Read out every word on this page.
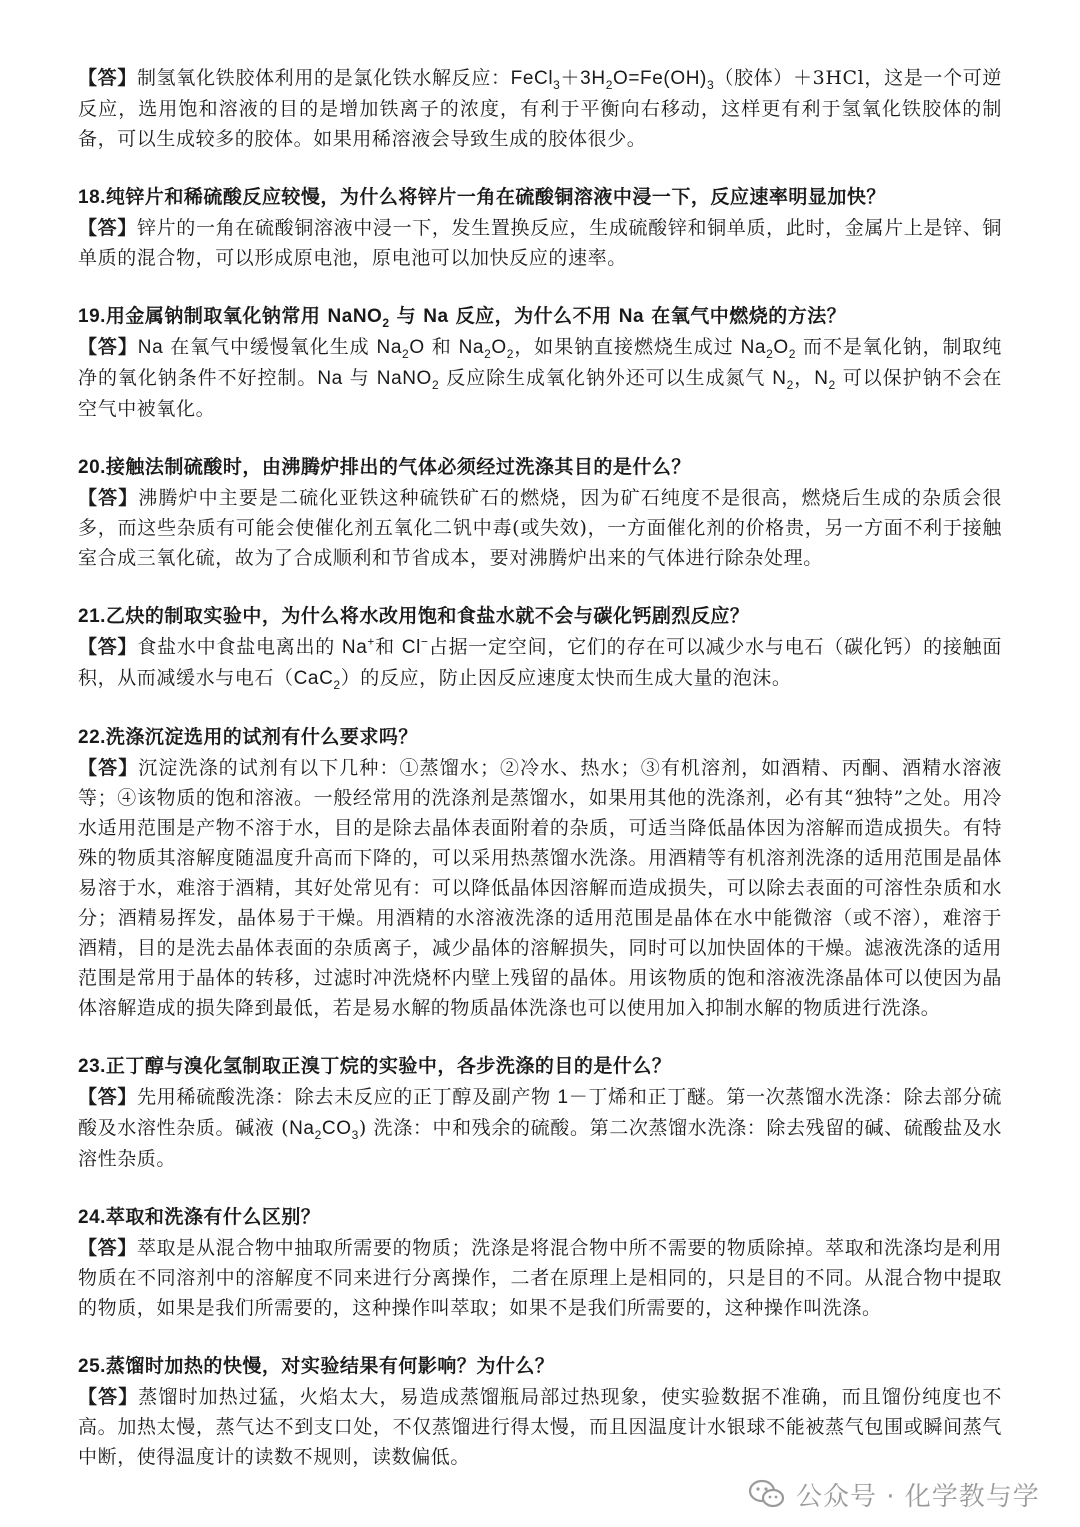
【答】制氢氧化铁胶体利用的是氯化铁水解反应：$FeCl_3+3H_2O=Fe(OH)_3$（胶体）＋3HCl，这是一个可逆反应，选用饱和溶液的目的是增加铁离子的浓度，有利于平衡向右移动，这样更有利于氢氧化铁胶体的制备，可以生成较多的胶体。如果用稀溶液会导致生成的胶体很少。

18.纯锌片和稀硫酸反应较慢，为什么将锌片一角在硫酸铜溶液中浸一下，反应速率明显加快？

【答】锌片的一角在硫酸铜溶液中浸一下，发生置换反应，生成硫酸锌和铜单质，此时，金属片上是锌、铜单质的混合物，可以形成原电池，原电池可以加快反应的速率。

19.用金属钠制取氧化钠常用 NaNO$_2$ 与 Na 反应，为什么不用 Na 在氧气中燃烧的方法？

【答】Na 在氧气中缓慢氧化生成 $Na_2O$ 和 $Na_2O_2$，如果钠直接燃烧生成过 $Na_2O_2$ 而不是氧化钠，制取纯净的氧化钠条件不好控制。Na 与 NaNO$_2$ 反应除生成氧化钠外还可以生成氮气 $N_2$，$N_2$ 可以保护钠不会在空气中被氧化。

20.接触法制硫酸时，由沸腾炉排出的气体必须经过洗涤其目的是什么？

【答】沸腾炉中主要是二硫化亚铁这种硫铁矿石的燃烧，因为矿石纯度不是很高，燃烧后生成的杂质会很多，而这些杂质有可能会使催化剂五氧化二钒中毒(或失效)，一方面催化剂的价格贵，另一方面不利于接触室合成三氧化硫，故为了合成顺利和节省成本，要对沸腾炉出来的气体进行除杂处理。

21.乙炔的制取实验中，为什么将水改用饱和食盐水就不会与碳化钙剧烈反应？

【答】食盐水中食盐电离出的 Na+和 Cl−占据一定空间，它们的存在可以减少水与电石（碳化钙）的接触面积，从而减缓水与电石（CaC$_2$）的反应，防止因反应速度太快而生成大量的泡沫。

22.洗涤沉淀选用的试剂有什么要求吗？

【答】沉淀洗涤的试剂有以下几种：①蒸馏水；②冷水、热水；③有机溶剂，如酒精、丙酮、酒精水溶液等；④该物质的饱和溶液。一般经常用的洗涤剂是蒸馏水，如果用其他的洗涤剂，必有其“独特”之处。用冷水适用范围是产物不溶于水，目的是除去晶体表面附着的杂质，可适当降低晶体因为溶解而造成损失。有特殊的物质其溶解度随温度升高而下降的，可以采用热蒸馏水洗涤。用酒精等有机溶剂洗涤的适用范围是晶体易溶于水，难溶于酒精，其好处常见有：可以降低晶体因溶解而造成损失，可以除去表面的可溶性杂质和水分；酒精易挥发，晶体易于干燥。用酒精的水溶液洗涤的适用范围是晶体在水中能微溶（或不溶），难溶于酒精，目的是洗去晶体表面的杂质离子，减少晶体的溶解损失，同时可以加快固体的干燥。滤液洗涤的适用范围是常用于晶体的转移，过滤时冲洗烧杯内壁上残留的晶体。用该物质的饱和溶液洗涤晶体可以使因为晶体溶解造成的损失降到最低，若是易水解的物质晶体洗涤也可以使用加入抑制水解的物质进行洗涤。

23.正丁醇与溴化氢制取正溴丁烷的实验中，各步洗涤的目的是什么？

【答】先用稀硫酸洗涤：除去未反应的正丁醇及副产物 1－丁烯和正丁醚。第一次蒸馏水洗涤：除去部分硫酸及水溶性杂质。碱液 $(Na_2CO_3)$ 洗涤：中和残余的硫酸。第二次蒸馏水洗涤：除去残留的碱、硫酸盐及水溶性杂质。

24.萃取和洗涤有什么区别？

【答】萃取是从混合物中抽取所需要的物质；洗涤是将混合物中所不需要的物质除掉。萃取和洗涤均是利用物质在不同溶剂中的溶解度不同来进行分离操作，二者在原理上是相同的，只是目的不同。从混合物中提取的物质，如果是我们所需要的，这种操作叫萃取；如果不是我们所需要的，这种操作叫洗涤。

25.蒸馏时加热的快慢，对实验结果有何影响？为什么？

【答】蒸馏时加热过猛，火焰太大，易造成蒸馏瓶局部过热现象，使实验数据不准确，而且馏份纯度也不高。加热太慢，蒸气达不到支口处，不仅蒸馏进行得太慢，而且因温度计水银球不能被蒸气包围或瞬间蒸气中断，使得温度计的读数不规则，读数偏低。

公众号 · 化学教与学
